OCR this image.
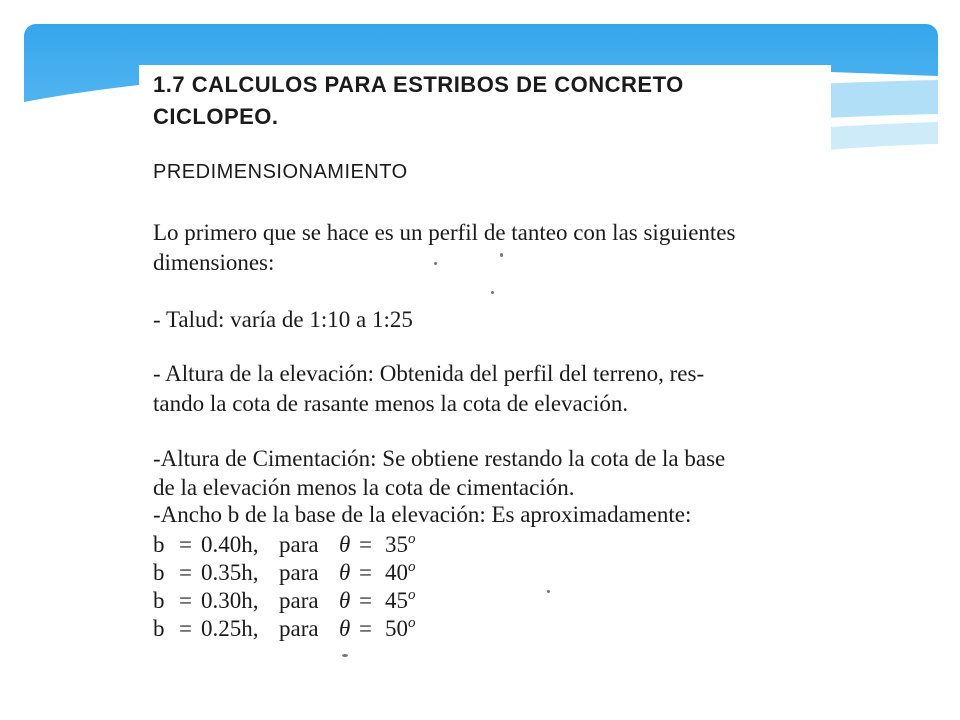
1.7 CALCULOS PARA ESTRIBOS DE CONCRETO
CICLOPEO.
PREDIMENSIONAMIENTO
Lo primero que se hace es un perfil de tanteo con las siguientes
dimensiones:
- Talud: varía de 1:10 a 1:25
- Altura de la elevación: Obtenida del perfil del terreno, res-
tando la cota de rasante menos la cota de elevación.
-Altura de Cimentación: Se obtiene restando la cota de la base
de la elevación menos la cota de cimentación.
-Ancho b de la base de la elevación: Es aproximadamente:
b = 0.40h, para θ = 35o
b = 0.35h, para θ = 40o
b = 0.30h, para θ = 45o
b = 0.25h, para θ = 50o
